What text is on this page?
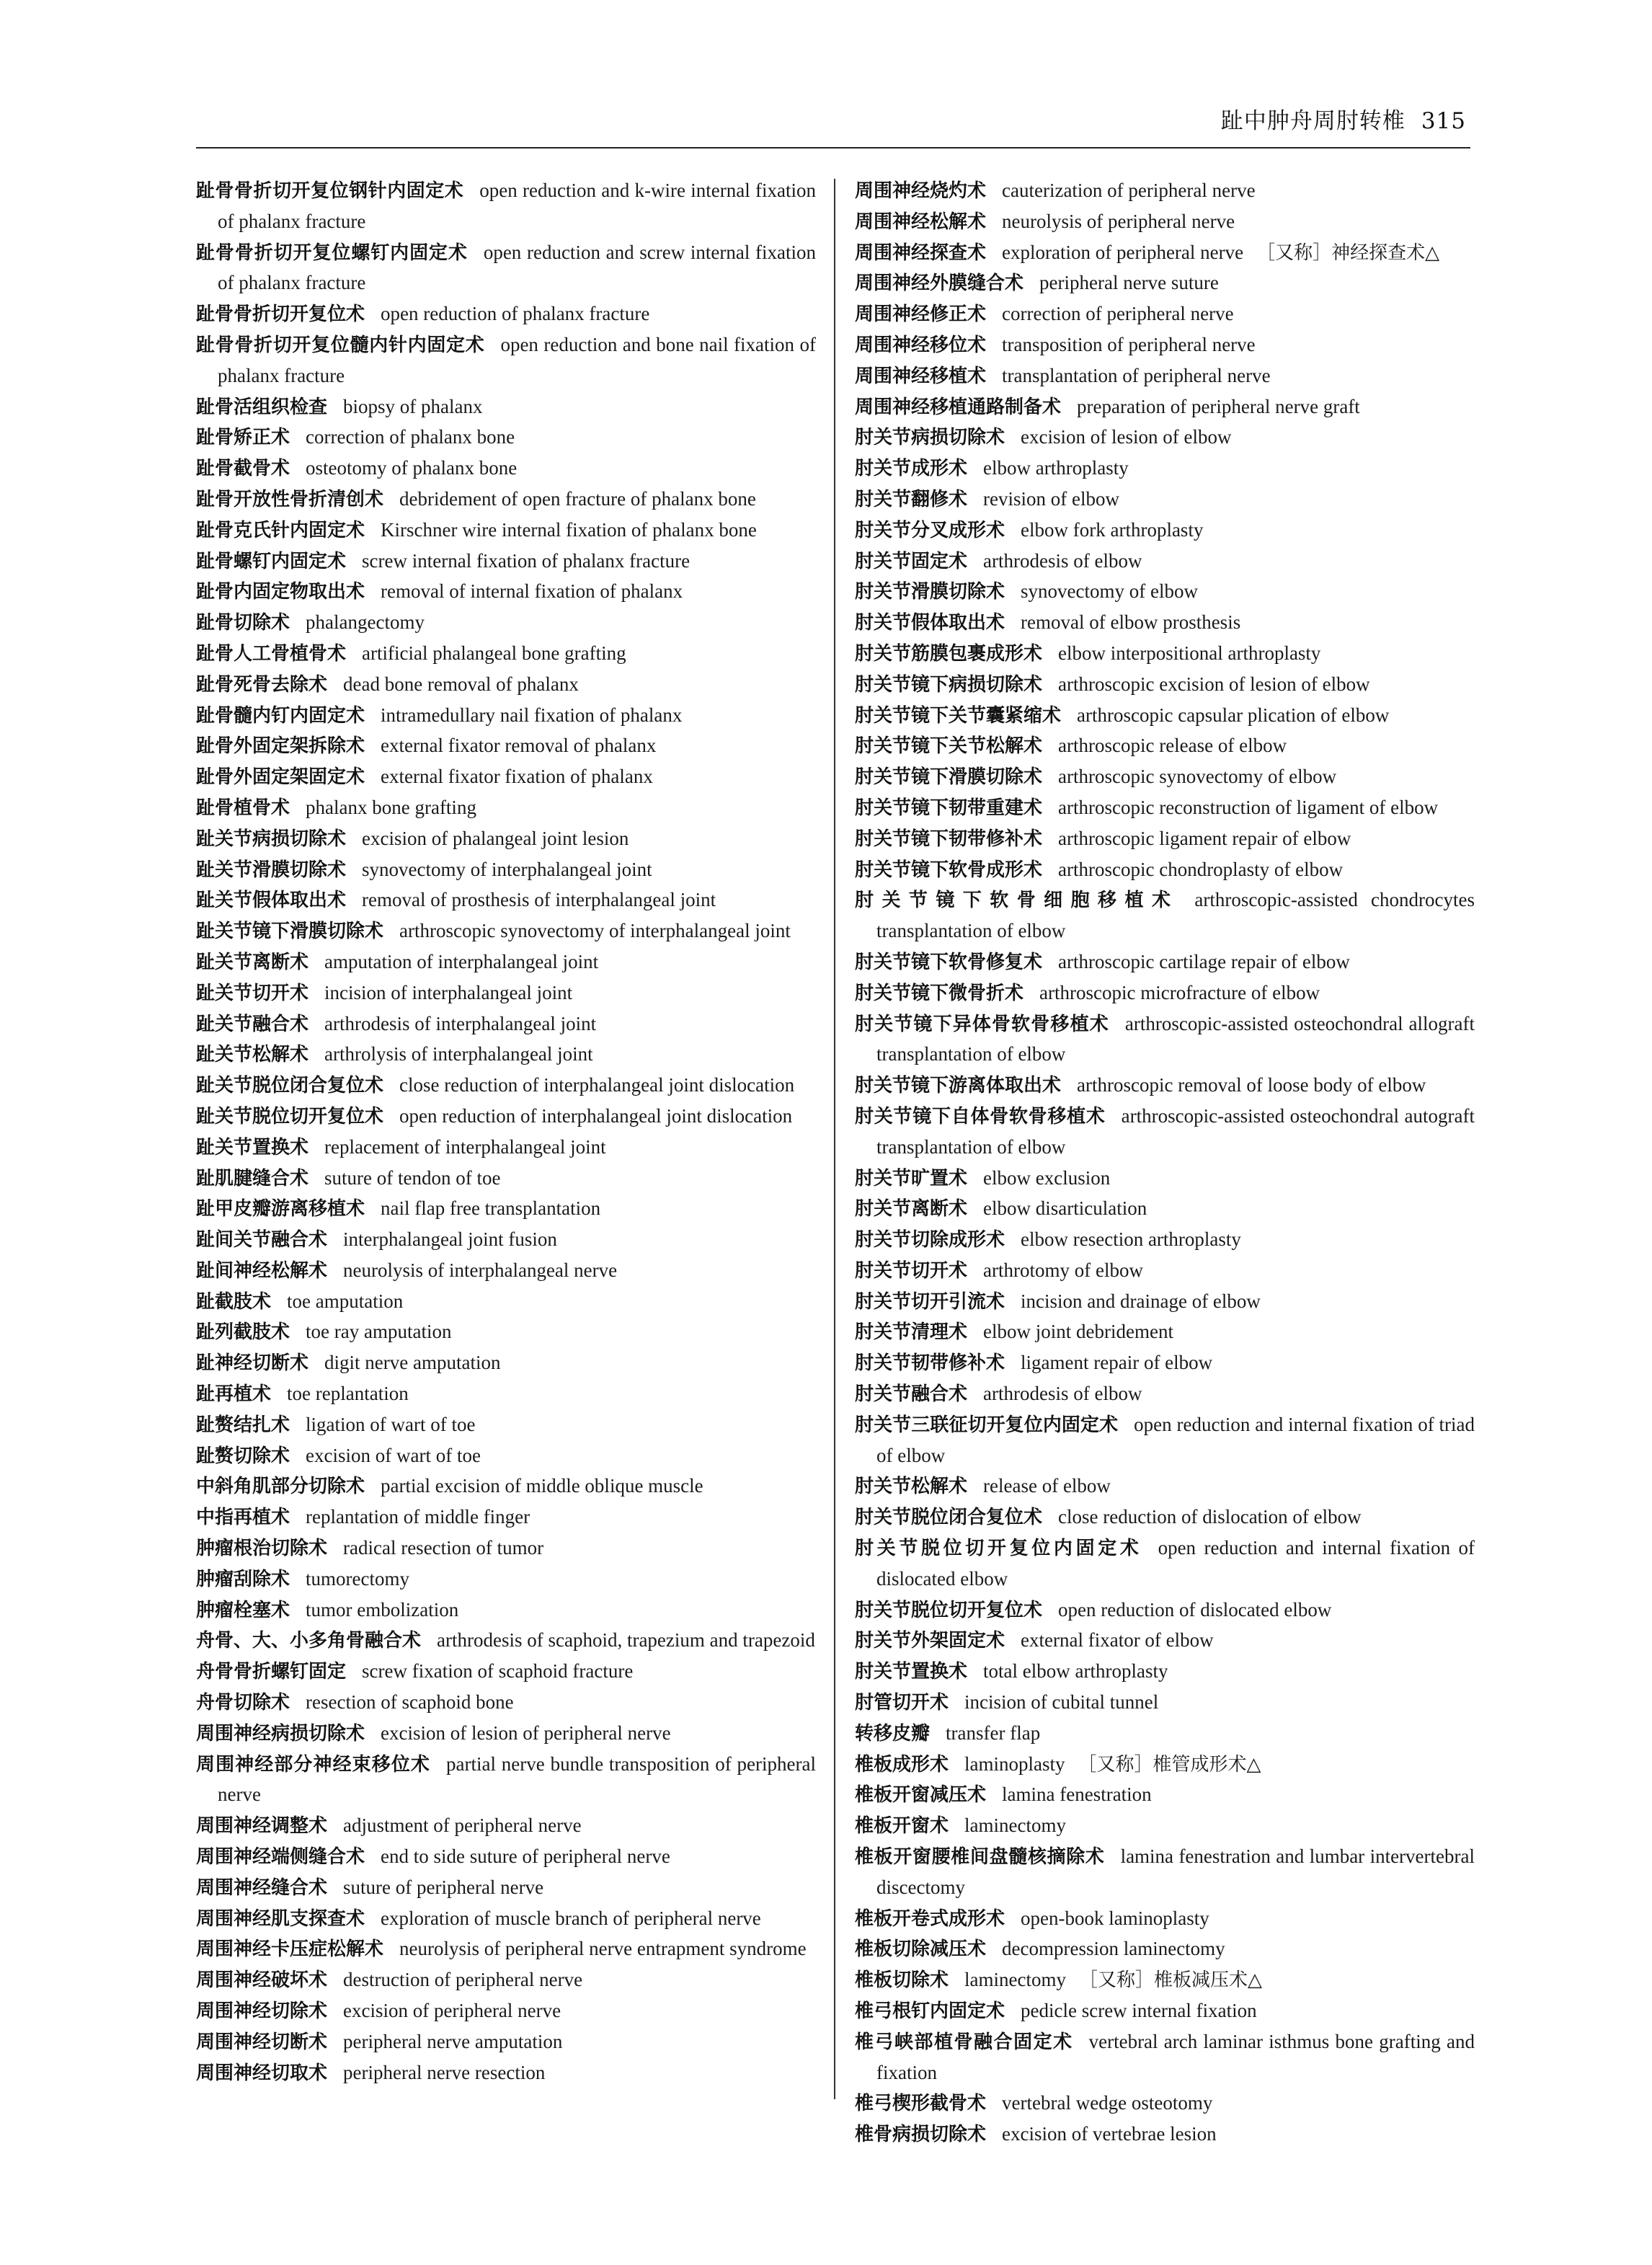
趾中肿舟周肘转椎 315
趾骨骨折切开复位钢针内固定术 open reduction and k-wire internal fixation of phalanx fracture
趾骨骨折切开复位螺钉内固定术 open reduction and screw internal fixation of phalanx fracture
趾骨骨折切开复位术 open reduction of phalanx fracture
趾骨骨折切开复位髓内针内固定术 open reduction and bone nail fixation of phalanx fracture
趾骨活组织检查 biopsy of phalanx
趾骨矫正术 correction of phalanx bone
趾骨截骨术 osteotomy of phalanx bone
趾骨开放性骨折清创术 debridement of open fracture of phalanx bone
趾骨克氏针内固定术 Kirschner wire internal fixation of phalanx bone
趾骨螺钉内固定术 screw internal fixation of phalanx fracture
趾骨内固定物取出术 removal of internal fixation of phalanx
趾骨切除术 phalangectomy
趾骨人工骨植骨术 artificial phalangeal bone grafting
趾骨死骨去除术 dead bone removal of phalanx
趾骨髓内钉内固定术 intramedullary nail fixation of phalanx
趾骨外固定架拆除术 external fixator removal of phalanx
趾骨外固定架固定术 external fixator fixation of phalanx
趾骨植骨术 phalanx bone grafting
趾关节病损切除术 excision of phalangeal joint lesion
趾关节滑膜切除术 synovectomy of interphalangeal joint
趾关节假体取出术 removal of prosthesis of interphalangeal joint
趾关节镜下滑膜切除术 arthroscopic synovectomy of interphalangeal joint
趾关节离断术 amputation of interphalangeal joint
趾关节切开术 incision of interphalangeal joint
趾关节融合术 arthrodesis of interphalangeal joint
趾关节松解术 arthrolysis of interphalangeal joint
趾关节脱位闭合复位术 close reduction of interphalangeal joint dislocation
趾关节脱位切开复位术 open reduction of interphalangeal joint dislocation
趾关节置换术 replacement of interphalangeal joint
趾肌腱缝合术 suture of tendon of toe
趾甲皮瓣游离移植术 nail flap free transplantation
趾间关节融合术 interphalangeal joint fusion
趾间神经松解术 neurolysis of interphalangeal nerve
趾截肢术 toe amputation
趾列截肢术 toe ray amputation
趾神经切断术 digit nerve amputation
趾再植术 toe replantation
趾赘结扎术 ligation of wart of toe
趾赘切除术 excision of wart of toe
中斜角肌部分切除术 partial excision of middle oblique muscle
中指再植术 replantation of middle finger
肿瘤根治切除术 radical resection of tumor
肿瘤刮除术 tumorectomy
肿瘤栓塞术 tumor embolization
舟骨、大、小多角骨融合术 arthrodesis of scaphoid, trapezium and trapezoid
舟骨骨折螺钉固定 screw fixation of scaphoid fracture
舟骨切除术 resection of scaphoid bone
周围神经病损切除术 excision of lesion of peripheral nerve
周围神经部分神经束移位术 partial nerve bundle transposition of peripheral nerve
周围神经调整术 adjustment of peripheral nerve
周围神经端侧缝合术 end to side suture of peripheral nerve
周围神经缝合术 suture of peripheral nerve
周围神经肌支探查术 exploration of muscle branch of peripheral nerve
周围神经卡压症松解术 neurolysis of peripheral nerve entrapment syndrome
周围神经破坏术 destruction of peripheral nerve
周围神经切除术 excision of peripheral nerve
周围神经切断术 peripheral nerve amputation
周围神经切取术 peripheral nerve resection
周围神经烧灼术 cauterization of peripheral nerve
周围神经松解术 neurolysis of peripheral nerve
周围神经探查术 exploration of peripheral nerve ［又称］神经探查术△
周围神经外膜缝合术 peripheral nerve suture
周围神经修正术 correction of peripheral nerve
周围神经移位术 transposition of peripheral nerve
周围神经移植术 transplantation of peripheral nerve
周围神经移植通路制备术 preparation of peripheral nerve graft
肘关节病损切除术 excision of lesion of elbow
肘关节成形术 elbow arthroplasty
肘关节翻修术 revision of elbow
肘关节分叉成形术 elbow fork arthroplasty
肘关节固定术 arthrodesis of elbow
肘关节滑膜切除术 synovectomy of elbow
肘关节假体取出术 removal of elbow prosthesis
肘关节筋膜包裹成形术 elbow interpositional arthroplasty
肘关节镜下病损切除术 arthroscopic excision of lesion of elbow
肘关节镜下关节囊紧缩术 arthroscopic capsular plication of elbow
肘关节镜下关节松解术 arthroscopic release of elbow
肘关节镜下滑膜切除术 arthroscopic synovectomy of elbow
肘关节镜下韧带重建术 arthroscopic reconstruction of ligament of elbow
肘关节镜下韧带修补术 arthroscopic ligament repair of elbow
肘关节镜下软骨成形术 arthroscopic chondroplasty of elbow
肘关节镜下软骨细胞移植术 arthroscopic-assisted chondrocytes transplantation of elbow
肘关节镜下软骨修复术 arthroscopic cartilage repair of elbow
肘关节镜下微骨折术 arthroscopic microfracture of elbow
肘关节镜下异体骨软骨移植术 arthroscopic-assisted osteochondral allograft transplantation of elbow
肘关节镜下游离体取出术 arthroscopic removal of loose body of elbow
肘关节镜下自体骨软骨移植术 arthroscopic-assisted osteochondral autograft transplantation of elbow
肘关节旷置术 elbow exclusion
肘关节离断术 elbow disarticulation
肘关节切除成形术 elbow resection arthroplasty
肘关节切开术 arthrotomy of elbow
肘关节切开引流术 incision and drainage of elbow
肘关节清理术 elbow joint debridement
肘关节韧带修补术 ligament repair of elbow
肘关节融合术 arthrodesis of elbow
肘关节三联征切开复位内固定术 open reduction and internal fixation of triad of elbow
肘关节松解术 release of elbow
肘关节脱位闭合复位术 close reduction of dislocation of elbow
肘关节脱位切开复位内固定术 open reduction and internal fixation of dislocated elbow
肘关节脱位切开复位术 open reduction of dislocated elbow
肘关节外架固定术 external fixator of elbow
肘关节置换术 total elbow arthroplasty
肘管切开术 incision of cubital tunnel
转移皮瓣 transfer flap
椎板成形术 laminoplasty ［又称］椎管成形术△
椎板开窗减压术 lamina fenestration
椎板开窗术 laminectomy
椎板开窗腰椎间盘髓核摘除术 lamina fenestration and lumbar intervertebral discectomy
椎板开卷式成形术 open-book laminoplasty
椎板切除减压术 decompression laminectomy
椎板切除术 laminectomy ［又称］椎板减压术△
椎弓根钉内固定术 pedicle screw internal fixation
椎弓峡部植骨融合固定术 vertebral arch laminar isthmus bone grafting and fixation
椎弓楔形截骨术 vertebral wedge osteotomy
椎骨病损切除术 excision of vertebrae lesion
